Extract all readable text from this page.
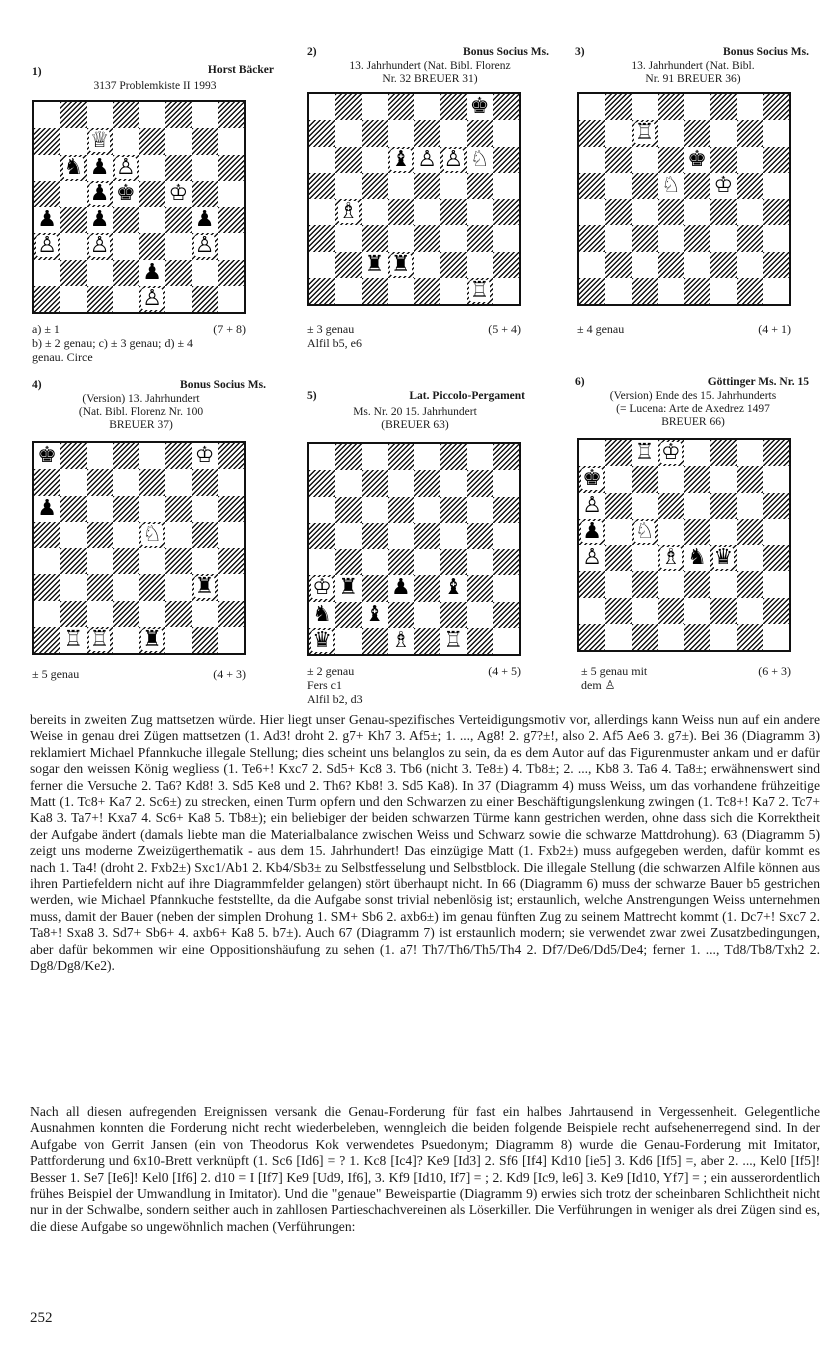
1)	Horst Bäcker
3137 Problemkiste II 1993
♕
♞ ♟ ♙
♟ ♚ ♔
♟ ♟	♟
♙ ♙	♙
♟
♙
a) ± 1	(7 + 8)
b) ± 2 genau; c) ± 3 genau; d) ± 4
genau. Circe
2)	Bonus Socius Ms.
13. Jahrhundert (Nat. Bibl. Florenz
Nr. 32 BREUER 31)
♚
♝ ♙ ♙ ♘
♗
♜ ♜
♖
± 3 genau	(5 + 4)
Alfil b5, e6
3)	Bonus Socius Ms.
13. Jahrhundert (Nat. Bibl.
Nr. 91 BREUER 36)
♖
♚
♘ ♔
± 4 genau	(4 + 1)
4)	Bonus Socius Ms.
(Version) 13. Jahrhundert
(Nat. Bibl. Florenz Nr. 100
BREUER 37)
♚	♔
♟
♘
♜
♖ ♖ ♜
± 5 genau	(4 + 3)
5)	Lat. Piccolo-Pergament
Ms. Nr. 20 15. Jahrhundert
(BREUER 63)
♔ ♜ ♟ ♝
♞ ♝
♛	♗ ♖
± 2 genau	(4 + 5)
Fers c1
Alfil b2, d3
6)	Göttinger Ms. Nr. 15
(Version) Ende des 15. Jahrhunderts
(= Lucena: Arte de Axedrez 1497
BREUER 66)
♖ ♔
♚
♙
♟ ♘
♙	♗ ♞ ♛
± 5 genau mit	(6 + 3)
dem ♙

bereits in zweiten Zug mattsetzen würde. Hier liegt unser Genau-spezifisches Verteidigungsmotiv vor, allerdings kann Weiss nun auf ein andere Weise in genau drei Zügen mattsetzen (1. Ad3! droht 2. g7+ Kh7 3. Af5±; 1. ..., Ag8! 2. g7?±!, also 2. Af5 Ae6 3. g7±). Bei 36 (Diagramm 3) reklamiert Michael Pfannkuche illegale Stellung; dies scheint uns belanglos zu sein, da es dem Autor auf das Figurenmuster ankam und er dafür sogar den weissen König wegliess (1. Te6+! Kxc7 2. Sd5+ Kc8 3. Tb6 (nicht 3. Te8±) 4. Tb8±; 2. ..., Kb8 3. Ta6 4. Ta8±; erwähnenswert sind ferner die Versuche 2. Ta6? Kd8! 3. Sd5 Ke8 und 2. Th6? Kb8! 3. Sd5 Ka8). In 37 (Diagramm 4) muss Weiss, um das vorhandene frühzeitige Matt (1. Tc8+ Ka7 2. Sc6±) zu strecken, einen Turm opfern und den Schwarzen zu einer Beschäftigungslenkung zwingen (1. Tc8+! Ka7 2. Tc7+ Ka8 3. Ta7+! Kxa7 4. Sc6+ Ka8 5. Tb8±); ein beliebiger der beiden schwarzen Türme kann gestrichen werden, ohne dass sich die Korrektheit der Aufgabe ändert (damals liebte man die Materialbalance zwischen Weiss und Schwarz sowie die schwarze Mattdrohung). 63 (Diagramm 5) zeigt uns moderne Zweizügerthematik - aus dem 15. Jahrhundert! Das einzügige Matt (1. Fxb2±) muss aufgegeben werden, dafür kommt es nach 1. Ta4! (droht 2. Fxb2±) Sxc1/Ab1 2. Kb4/Sb3± zu Selbstfesselung und Selbstblock. Die illegale Stellung (die schwarzen Alfile können aus ihren Partiefeldern nicht auf ihre Diagrammfelder gelangen) stört überhaupt nicht. In 66 (Diagramm 6) muss der schwarze Bauer b5 gestrichen werden, wie Michael Pfannkuche feststellte, da die Aufgabe sonst trivial nebenlösig ist; erstaunlich, welche Anstrengungen Weiss unternehmen muss, damit der Bauer (neben der simplen Drohung 1. SM+ Sb6 2. axb6±) im genau fünften Zug zu seinem Mattrecht kommt (1. Dc7+! Sxc7 2. Ta8+! Sxa8 3. Sd7+ Sb6+ 4. axb6+ Ka8 5. b7±). Auch 67 (Diagramm 7) ist erstaunlich modern; sie verwendet zwar zwei Zusatzbedingungen, aber dafür bekommen wir eine Oppositionshäufung zu sehen (1. a7! Th7/Th6/Th5/Th4 2. Df7/De6/Dd5/De4; ferner 1. ..., Td8/Tb8/Txh2 2. Dg8/Dg8/Ke2).

Nach all diesen aufregenden Ereignissen versank die Genau-Forderung für fast ein halbes Jahrtausend in Vergessenheit. Gelegentliche Ausnahmen konnten die Forderung nicht recht wiederbeleben, wenngleich die beiden folgende Beispiele recht aufsehenerregend sind. In der Aufgabe von Gerrit Jansen (ein von Theodorus Kok verwendetes Psuedonym; Diagramm 8) wurde die Genau-Forderung mit Imitator, Pattforderung und 6x10-Brett verknüpft (1. Sc6 [Id6] = ? 1. Kc8 [Ic4]? Ke9 [Id3] 2. Sf6 [If4] Kd10 [ie5] 3. Kd6 [If5] =, aber 2. ..., Kel0 [If5]! Besser 1. Se7 [Ie6]! Kel0 [If6] 2. d10 = I [If7] Ke9 [Ud9, If6], 3. Kf9 [Id10, If7] = ; 2. Kd9 [Ic9, le6] 3. Ke9 [Id10, Yf7] = ; ein ausserordentlich frühes Beispiel der Umwandlung in Imitator). Und die "genaue" Beweispartie (Diagramm 9) erwies sich trotz der scheinbaren Schlichtheit nicht nur in der Schwalbe, sondern seither auch in zahllosen Partieschachvereinen als Löserkiller. Die Verführungen in weniger als drei Zügen sind es, die diese Aufgabe so ungewöhnlich machen (Verführungen:

252
